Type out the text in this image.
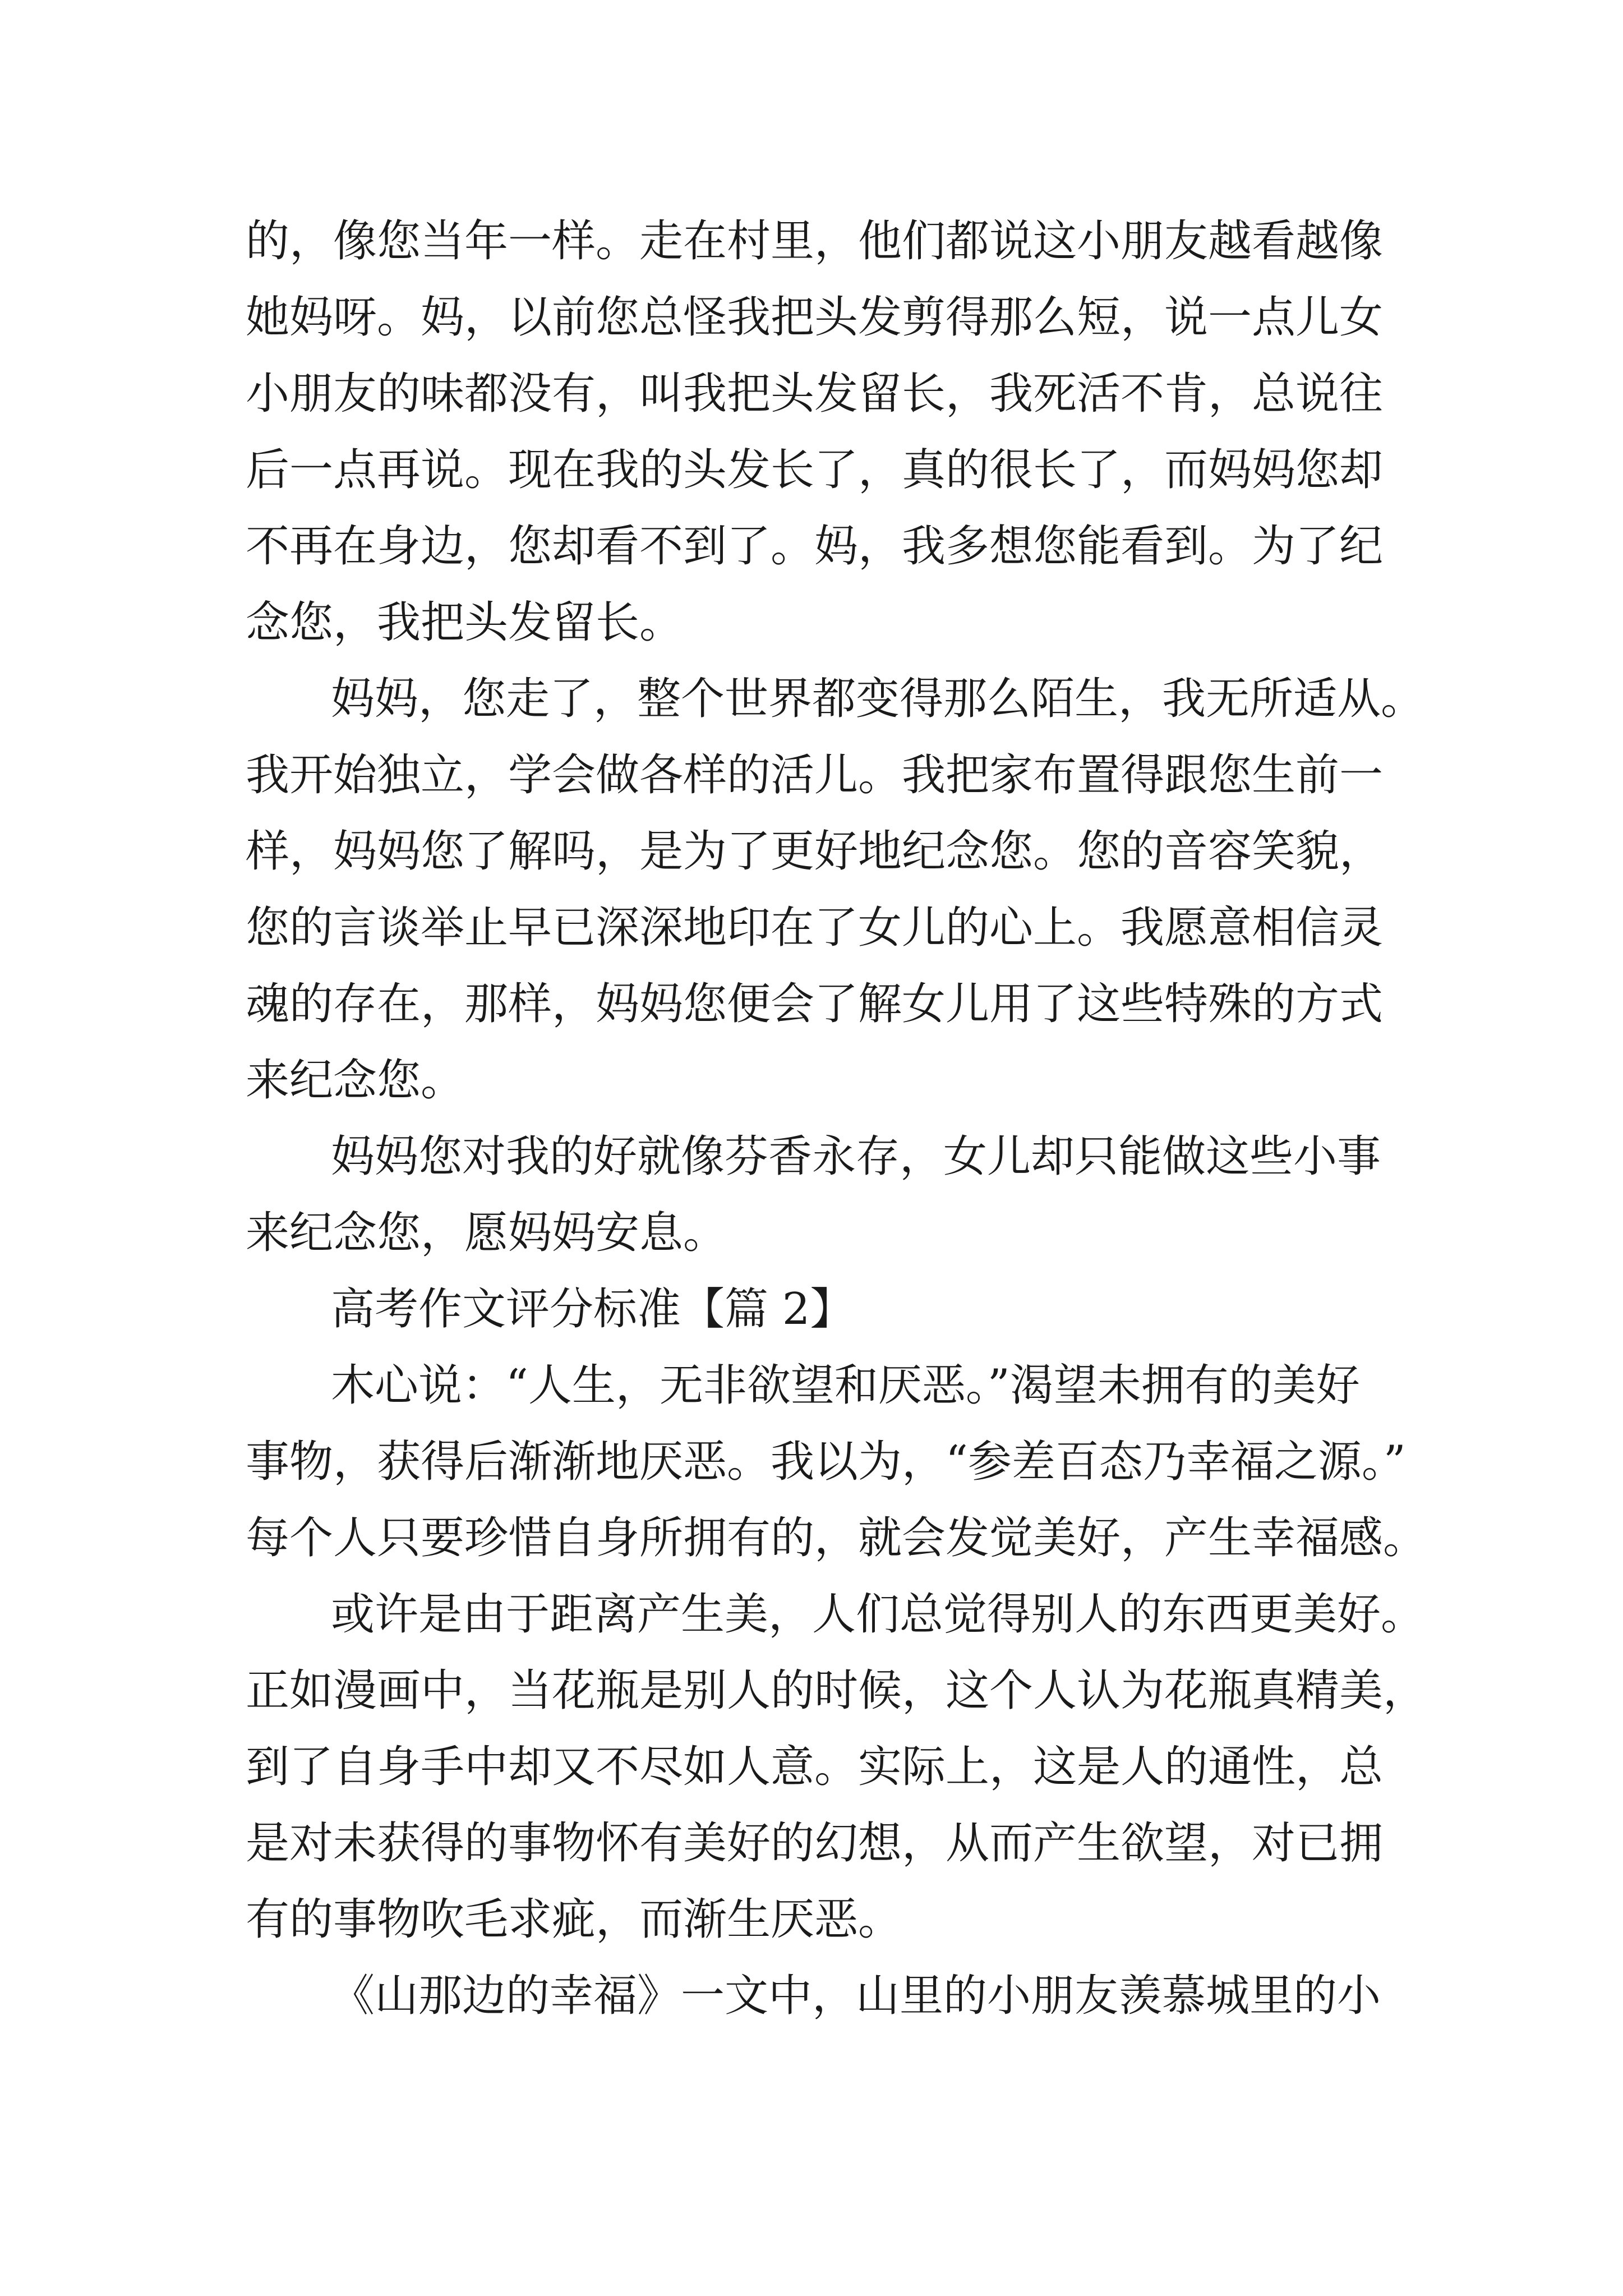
的，像您当年一样。走在村里，他们都说这小朋友越看越像
她妈呀。妈，以前您总怪我把头发剪得那么短，说一点儿女
小朋友的味都没有，叫我把头发留长，我死活不肯，总说往
后一点再说。现在我的头发长了，真的很长了，而妈妈您却
不再在身边，您却看不到了。妈，我多想您能看到。为了纪
念您，我把头发留长。
妈妈，您走了，整个世界都变得那么陌生，我无所适从。
我开始独立，学会做各样的活儿。我把家布置得跟您生前一
样，妈妈您了解吗，是为了更好地纪念您。您的音容笑貌，
您的言谈举止早已深深地印在了女儿的心上。我愿意相信灵
魂的存在，那样，妈妈您便会了解女儿用了这些特殊的方式
来纪念您。
妈妈您对我的好就像芬香永存，女儿却只能做这些小事
来纪念您，愿妈妈安息。
高考作文评分标准【篇 2】
木心说：“人生，无非欲望和厌恶。”渴望未拥有的美好
事物，获得后渐渐地厌恶。我以为，“参差百态乃幸福之源。”
每个人只要珍惜自身所拥有的，就会发觉美好，产生幸福感。
或许是由于距离产生美，人们总觉得别人的东西更美好。
正如漫画中，当花瓶是别人的时候，这个人认为花瓶真精美，
到了自身手中却又不尽如人意。实际上，这是人的通性，总
是对未获得的事物怀有美好的幻想，从而产生欲望，对已拥
有的事物吹毛求疵，而渐生厌恶。
《山那边的幸福》一文中，山里的小朋友羡慕城里的小
